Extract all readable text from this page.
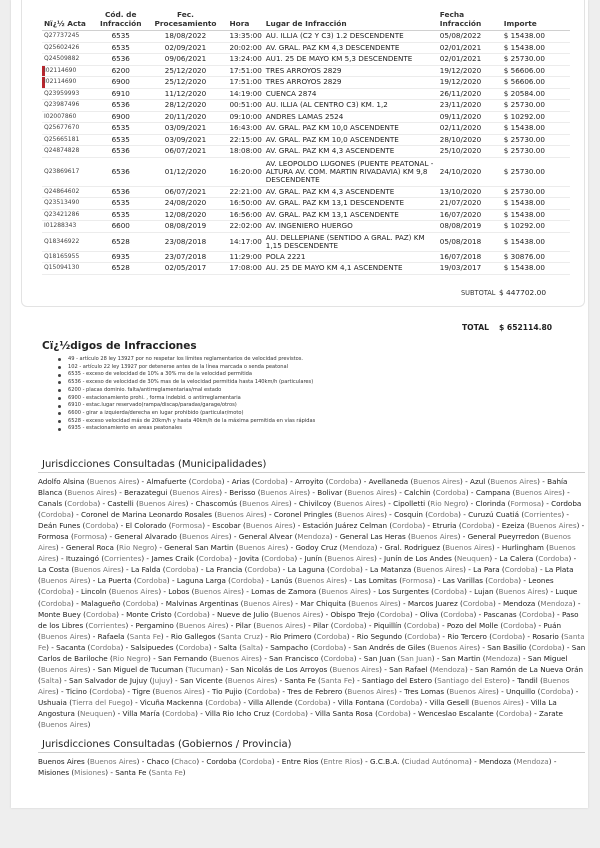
Nï¿½ Acta	Cód. de Infracción	Fec. Procesamiento	Hora	Lugar de Infracción	Fecha Infracción	Importe
Q27737245	6535	18/08/2022	13:35:00	AU. ILLIA (C2 Y C3) 1.2 DESCENDENTE	05/08/2022	$ 15438.00
Q25602426	6535	02/09/2021	20:02:00	AV. GRAL. PAZ KM 4,3 DESCENDENTE	02/01/2021	$ 15438.00
Q24509882	6536	09/06/2021	13:24:00	AU1. 25 DE MAYO KM 5,3 DESCENDENTE	02/01/2021	$ 25730.00
I02114690	6200	25/12/2020	17:51:00	TRES ARROYOS 2829	19/12/2020	$ 56606.00
I02114690	6900	25/12/2020	17:51:00	TRES ARROYOS 2829	19/12/2020	$ 56606.00
Q23959993	6910	11/12/2020	14:19:00	CUENCA 2874	26/11/2020	$ 20584.00
Q23987496	6536	28/12/2020	00:51:00	AU. ILLIA (AL CENTRO C3) KM. 1,2	23/11/2020	$ 25730.00
I02007860	6900	20/11/2020	09:10:00	ANDRES LAMAS 2524	09/11/2020	$ 10292.00
Q25677670	6535	03/09/2021	16:43:00	AV. GRAL. PAZ KM 10,0 ASCENDENTE	02/11/2020	$ 15438.00
Q25665181	6535	03/09/2021	22:15:00	AV. GRAL. PAZ KM 10,0 ASCENDENTE	28/10/2020	$ 25730.00
Q24874828	6536	06/07/2021	18:08:00	AV. GRAL. PAZ KM 4,3 ASCENDENTE	25/10/2020	$ 25730.00
Q23869617	6536	01/12/2020	16:20:00	AV. LEOPOLDO LUGONES (PUENTE PEATONAL - ALTURA AV. COM. MARTIN RIVADAVIA) KM 9,8 DESCENDENTE	24/10/2020	$ 25730.00
Q24864602	6536	06/07/2021	22:21:00	AV. GRAL. PAZ KM 4,3 ASCENDENTE	13/10/2020	$ 25730.00
Q23513490	6535	24/08/2020	16:50:00	AV. GRAL. PAZ KM 13,1 DESCENDENTE	21/07/2020	$ 15438.00
Q23421286	6535	12/08/2020	16:56:00	AV. GRAL. PAZ KM 13,1 ASCENDENTE	16/07/2020	$ 15438.00
I01288343	6600	08/08/2019	22:02:00	AV. INGENIERO HUERGO	08/08/2019	$ 10292.00
Q18346922	6528	23/08/2018	14:17:00	AU. DELLEPIANE (SENTIDO A GRAL. PAZ) KM 1,15 DESCENDENTE	05/08/2018	$ 15438.00
Q18165955	6935	23/07/2018	11:29:00	POLA 2221	16/07/2018	$ 30876.00
Q15094130	6528	02/05/2017	17:08:00	AU. 25 DE MAYO KM 4,1 ASCENDENTE	19/03/2017	$ 15438.00
SUBTOTAL $ 447702.00
TOTAL $ 652114.80
Cï¿½digos de Infracciones
49 - artículo 28 ley 13927 por no respetar los límites reglamentarios de velocidad previstos.
102 - artículo 22 ley 13927 por detenerse antes de la línea marcada o senda peatonal
6535 - exceso de velocidad de 10% a 30% ms de la velocidad permitida
6536 - exceso de velocidad de 30% mas de la velocidad permitida hasta 140km/h (particulares)
6200 - placas dominio. falta/antirreglamentarias/mal estado
6900 - estacionamiento prohi. , forma indebid. o antirreglamentaria
6910 - estac.lugar reservado(rampa/discap/paradas/garage/otros)
6600 - girar a izquierda/derecha en lugar prohibido (particular/moto)
6528 - exceso velocidad más de 20km/h y hasta 40km/h de la máxima permitida en vías rápidas
6935 - estacionamiento en areas peatonales
Jurisdicciones Consultadas (Municipalidades)
Adolfo Alsina (Buenos Aires) - Almafuerte (Cordoba) - Arias (Cordoba) - Arroyito (Cordoba) - Avellaneda (Buenos Aires) - Azul (Buenos Aires) - Bahía Blanca (Buenos Aires) - Berazategui (Buenos Aires) - Berisso (Buenos Aires) - Bolivar (Buenos Aires) - Calchin (Cordoba) - Campana (Buenos Aires) - Canals (Cordoba) - Castelli (Buenos Aires) - Chascomús (Buenos Aires) - Chivilcoy (Buenos Aires) - Cipolletti (Rio Negro) - Clorinda (Formosa) - Cordoba (Cordoba) - Coronel de Marina Leonardo Rosales (Buenos Aires) - Coronel Pringles (Buenos Aires) - Cosquin (Cordoba) - Curuzú Cuatiá (Corrientes) - Deán Funes (Cordoba) - El Colorado (Formosa) - Escobar (Buenos Aires) - Estación Juárez Celman (Cordoba) - Etruria (Cordoba) - Ezeiza (Buenos Aires) - Formosa (Formosa) - General Alvarado (Buenos Aires) - General Alvear (Mendoza) - General Las Heras (Buenos Aires) - General Pueyrredon (Buenos Aires) - General Roca (Rio Negro) - General San Martin (Buenos Aires) - Godoy Cruz (Mendoza) - Gral. Rodriguez (Buenos Aires) - Hurlingham (Buenos Aires) - Ituzaingó (Corrientes) - James Craik (Cordoba) - Jovita (Cordoba) - Junín (Buenos Aires) - Junín de Los Andes (Neuquen) - La Calera (Cordoba) - La Costa (Buenos Aires) - La Falda (Cordoba) - La Francia (Cordoba) - La Laguna (Cordoba) - La Matanza (Buenos Aires) - La Para (Cordoba) - La Plata (Buenos Aires) - La Puerta (Cordoba) - Laguna Larga (Cordoba) - Lanús (Buenos Aires) - Las Lomitas (Formosa) - Las Varillas (Cordoba) - Leones (Cordoba) - Lincoln (Buenos Aires) - Lobos (Buenos Aires) - Lomas de Zamora (Buenos Aires) - Los Surgentes (Cordoba) - Lujan (Buenos Aires) - Luque (Cordoba) - Malagueño (Cordoba) - Malvinas Argentinas (Buenos Aires) - Mar Chiquita (Buenos Aires) - Marcos Juarez (Cordoba) - Mendoza (Mendoza) - Monte Buey (Cordoba) - Monte Cristo (Cordoba) - Nueve de Julio (Buenos Aires) - Obispo Trejo (Cordoba) - Oliva (Cordoba) - Pascanas (Cordoba) - Paso de los Libres (Corrientes) - Pergamino (Buenos Aires) - Pilar (Buenos Aires) - Pilar (Cordoba) - Piquillín (Cordoba) - Pozo del Molle (Cordoba) - Puán (Buenos Aires) - Rafaela (Santa Fe) - Rio Gallegos (Santa Cruz) - Rio Primero (Cordoba) - Rio Segundo (Cordoba) - Rio Tercero (Cordoba) - Rosario (Santa Fe) - Sacanta (Cordoba) - Salsipuedes (Cordoba) - Salta (Salta) - Sampacho (Cordoba) - San Andrés de Giles (Buenos Aires) - San Basilio (Cordoba) - San Carlos de Bariloche (Rio Negro) - San Fernando (Buenos Aires) - San Francisco (Cordoba) - San Juan (San Juan) - San Martin (Mendoza) - San Miguel (Buenos Aires) - San Miguel de Tucuman (Tucuman) - San Nicolás de Los Arroyos (Buenos Aires) - San Rafael (Mendoza) - San Ramón de La Nueva Orán (Salta) - San Salvador de Jujuy (Jujuy) - San Vicente (Buenos Aires) - Santa Fe (Santa Fe) - Santiago del Estero (Santiago del Estero) - Tandil (Buenos Aires) - Ticino (Cordoba) - Tigre (Buenos Aires) - Tio Pujio (Cordoba) - Tres de Febrero (Buenos Aires) - Tres Lomas (Buenos Aires) - Unquillo (Cordoba) - Ushuaia (Tierra del Fuego) - Vicuña Mackenna (Cordoba) - Villa Allende (Cordoba) - Villa Fontana (Cordoba) - Villa Gesell (Buenos Aires) - Villa La Angostura (Neuquen) - Villa María (Cordoba) - Villa Rio Icho Cruz (Cordoba) - Villa Santa Rosa (Cordoba) - Wenceslao Escalante (Cordoba) - Zarate (Buenos Aires)
Jurisdicciones Consultadas (Gobiernos / Provincia)
Buenos Aires (Buenos Aires) - Chaco (Chaco) - Cordoba (Cordoba) - Entre Rios (Entre Rios) - G.C.B.A. (Ciudad Autónoma) - Mendoza (Mendoza) - Misiones (Misiones) - Santa Fe (Santa Fe)
